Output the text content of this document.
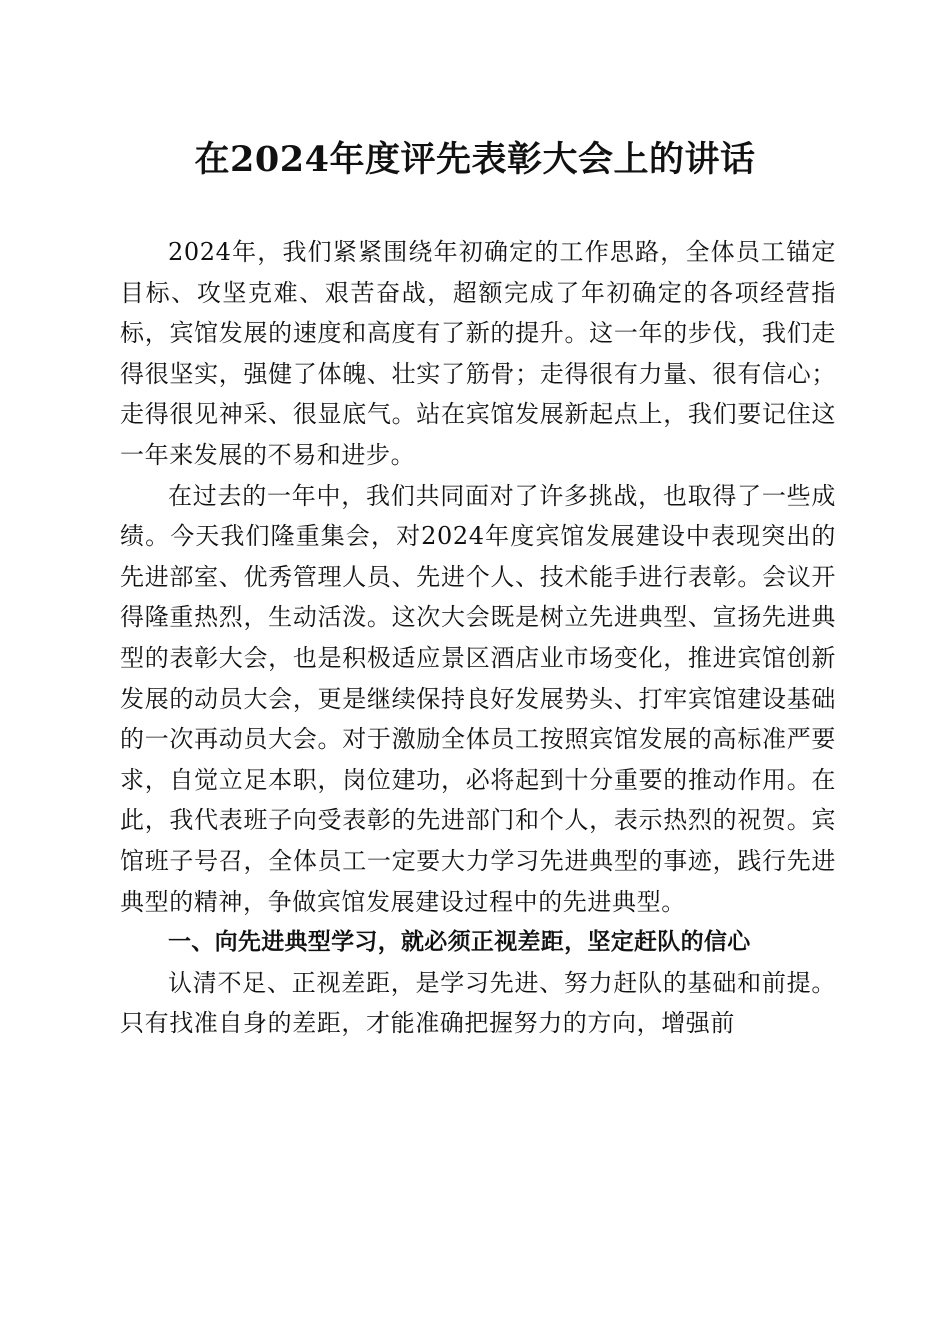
在2024年度评先表彰大会上的讲话

2024年，我们紧紧围绕年初确定的工作思路，全体员工锚定目标、攻坚克难、艰苦奋战，超额完成了年初确定的各项经营指标，宾馆发展的速度和高度有了新的提升。这一年的步伐，我们走得很坚实，强健了体魄、壮实了筋骨；走得很有力量、很有信心；走得很见神采、很显底气。站在宾馆发展新起点上，我们要记住这一年来发展的不易和进步。

在过去的一年中，我们共同面对了许多挑战，也取得了一些成绩。今天我们隆重集会，对2024年度宾馆发展建设中表现突出的先进部室、优秀管理人员、先进个人、技术能手进行表彰。会议开得隆重热烈，生动活泼。这次大会既是树立先进典型、宣扬先进典型的表彰大会，也是积极适应景区酒店业市场变化，推进宾馆创新发展的动员大会，更是继续保持良好发展势头、打牢宾馆建设基础的一次再动员大会。对于激励全体员工按照宾馆发展的高标准严要求，自觉立足本职，岗位建功，必将起到十分重要的推动作用。在此，我代表班子向受表彰的先进部门和个人，表示热烈的祝贺。宾馆班子号召，全体员工一定要大力学习先进典型的事迹，践行先进典型的精神，争做宾馆发展建设过程中的先进典型。

一、向先进典型学习，就必须正视差距，坚定赶队的信心

认清不足、正视差距，是学习先进、努力赶队的基础和前提。只有找准自身的差距，才能准确把握努力的方向，增强前
